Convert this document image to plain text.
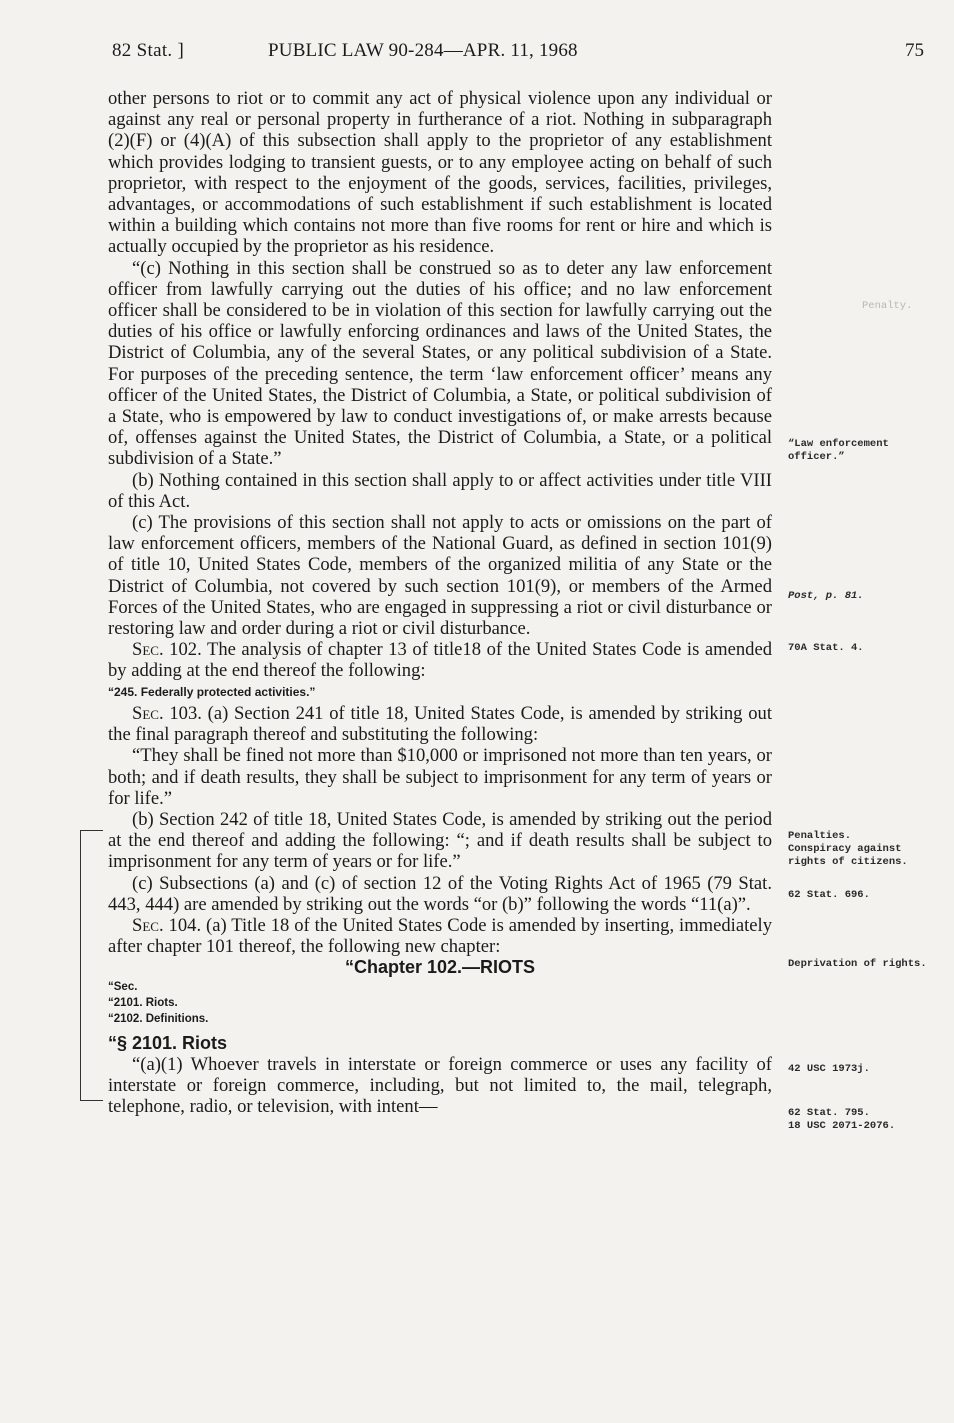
82 Stat. ]	PUBLIC LAW 90-284—APR. 11, 1968	75

other persons to riot or to commit any act of physical violence upon any individual or against any real or personal property in furtherance of a riot. Nothing in subparagraph (2)(F) or (4)(A) of this subsection shall apply to the proprietor of any establishment which provides lodging to transient guests, or to any employee acting on behalf of such proprietor, with respect to the enjoyment of the goods, services, facilities, privileges, advantages, or accommodations of such establishment if such establishment is located within a building which contains not more than five rooms for rent or hire and which is actually occupied by the proprietor as his residence.

“(c) Nothing in this section shall be construed so as to deter any law enforcement officer from lawfully carrying out the duties of his office; and no law enforcement officer shall be considered to be in violation of this section for lawfully carrying out the duties of his office or lawfully enforcing ordinances and laws of the United States, the District of Columbia, any of the several States, or any political subdivision of a State. For purposes of the preceding sentence, the term ‘law enforcement officer’ means any officer of the United States, the District of Columbia, a State, or political subdivision of a State, who is empowered by law to conduct investigations of, or make arrests because of, offenses against the United States, the District of Columbia, a State, or a political subdivision of a State.”

(b) Nothing contained in this section shall apply to or affect activities under title VIII of this Act.

(c) The provisions of this section shall not apply to acts or omissions on the part of law enforcement officers, members of the National Guard, as defined in section 101(9) of title 10, United States Code, members of the organized militia of any State or the District of Columbia, not covered by such section 101(9), or members of the Armed Forces of the United States, who are engaged in suppressing a riot or civil disturbance or restoring law and order during a riot or civil disturbance.

Sec. 102. The analysis of chapter 13 of title18 of the United States Code is amended by adding at the end thereof the following:

“245. Federally protected activities.”

Sec. 103. (a) Section 241 of title 18, United States Code, is amended by striking out the final paragraph thereof and substituting the following:

“They shall be fined not more than $10,000 or imprisoned not more than ten years, or both; and if death results, they shall be subject to imprisonment for any term of years or for life.”

(b) Section 242 of title 18, United States Code, is amended by striking out the period at the end thereof and adding the following: “; and if death results shall be subject to imprisonment for any term of years or for life.”

(c) Subsections (a) and (c) of section 12 of the Voting Rights Act of 1965 (79 Stat. 443, 444) are amended by striking out the words “or (b)” following the words “11(a)”.

Sec. 104. (a) Title 18 of the United States Code is amended by inserting, immediately after chapter 101 thereof, the following new chapter:

“Chapter 102.—RIOTS

“Sec.
“2101. Riots.
“2102. Definitions.

“§ 2101. Riots

“(a)(1) Whoever travels in interstate or foreign commerce or uses any facility of interstate or foreign commerce, including, but not limited to, the mail, telegraph, telephone, radio, or television, with intent—

Penalty.
“Law enforcement officer.”
Post, p. 81.
70A Stat. 4.
Penalties.
Conspiracy against rights of citizens.
62 Stat. 696.
Deprivation of rights.
42 USC 1973j.
62 Stat. 795.
18 USC 2071-2076.
